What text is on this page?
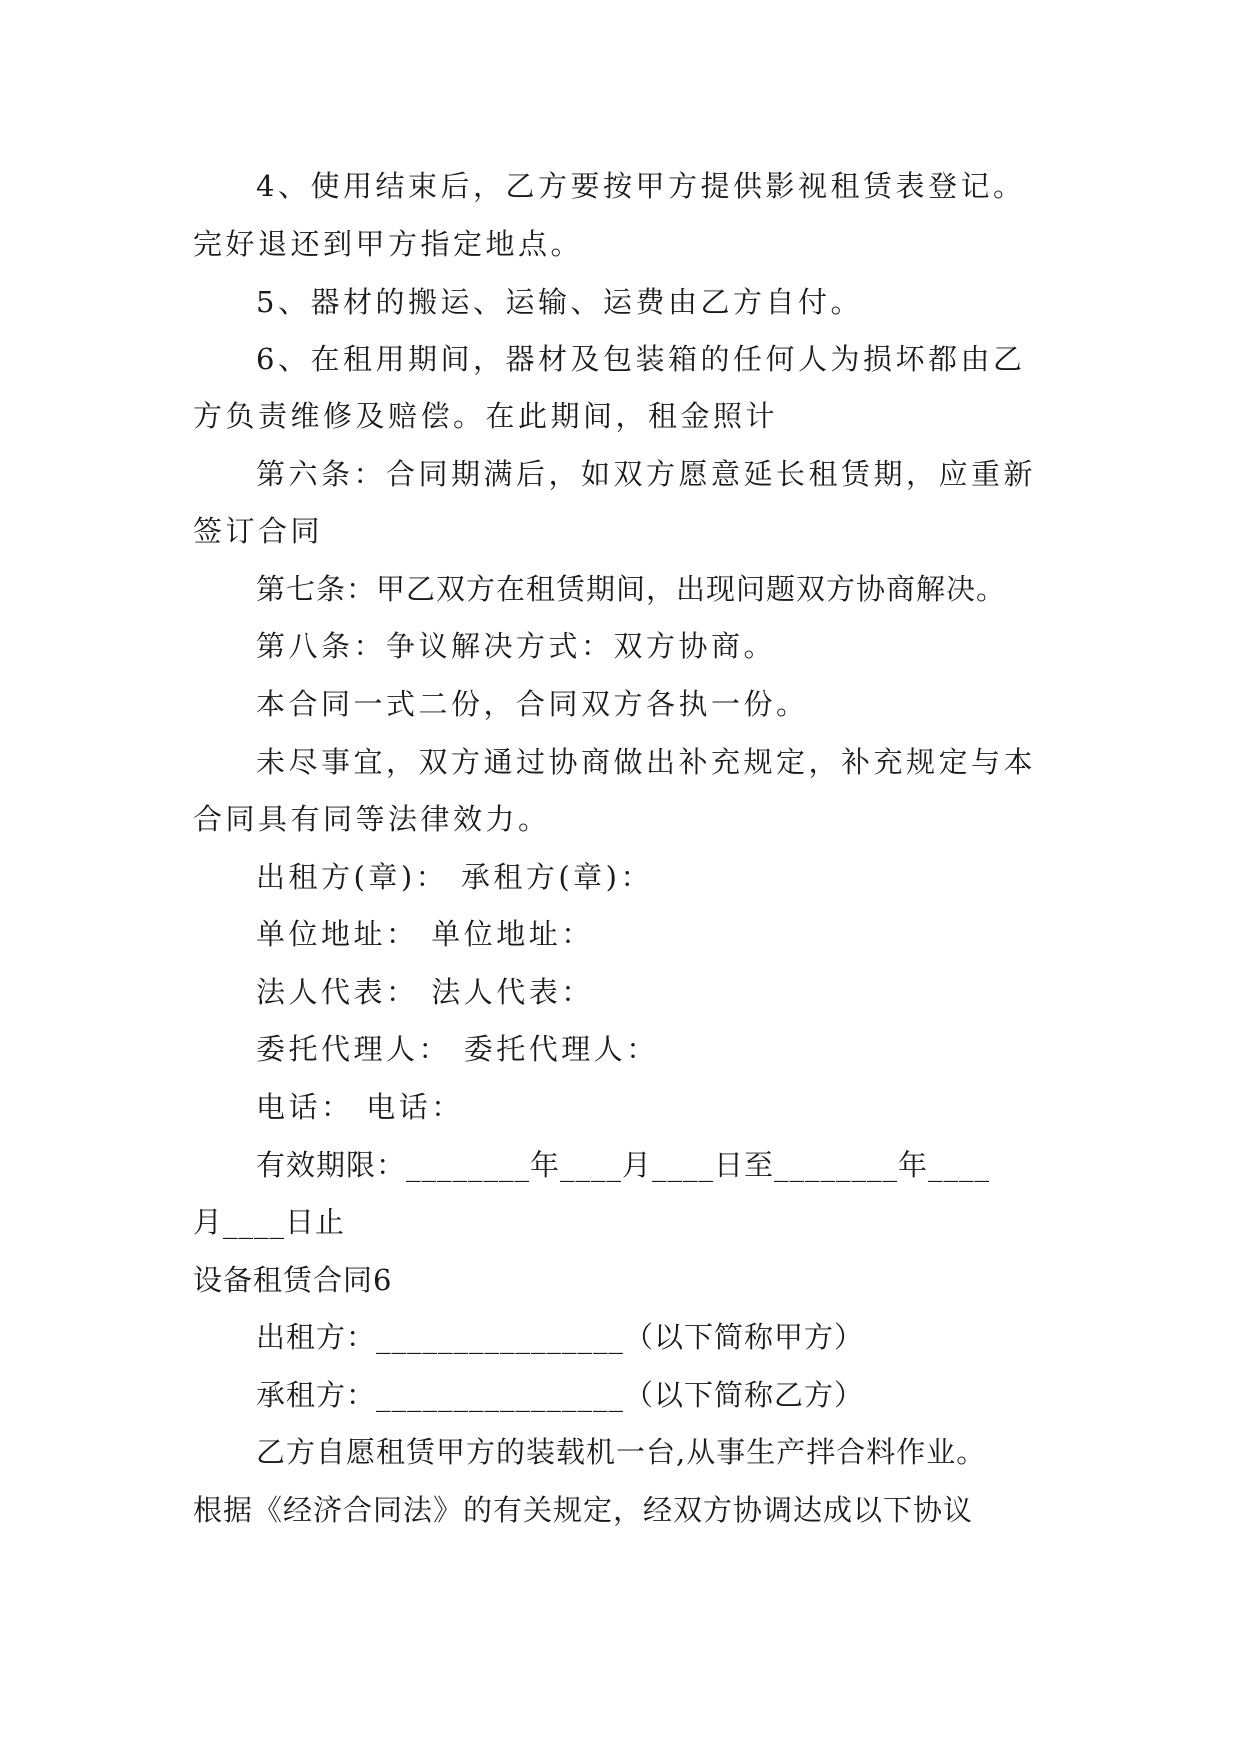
4、使用结束后，乙方要按甲方提供影视租赁表登记。
完好退还到甲方指定地点。
5、器材的搬运、运输、运费由乙方自付。
6、在租用期间，器材及包装箱的任何人为损坏都由乙
方负责维修及赔偿。在此期间，租金照计
第六条：合同期满后，如双方愿意延长租赁期，应重新
签订合同
第七条：甲乙双方在租赁期间，出现问题双方协商解决。
第八条：争议解决方式：双方协商。
本合同一式二份，合同双方各执一份。
未尽事宜，双方通过协商做出补充规定，补充规定与本
合同具有同等法律效力。
出租方(章)： 承租方(章)：
单位地址： 单位地址：
法人代表： 法人代表：
委托代理人： 委托代理人：
电话： 电话：
有效期限：________年____月____日至________年____
月____日止
设备租赁合同6
出租方：________________（以下简称甲方）
承租方：________________（以下简称乙方）
乙方自愿租赁甲方的装载机一台,从事生产拌合料作业。
根据《经济合同法》的有关规定，经双方协调达成以下协议
